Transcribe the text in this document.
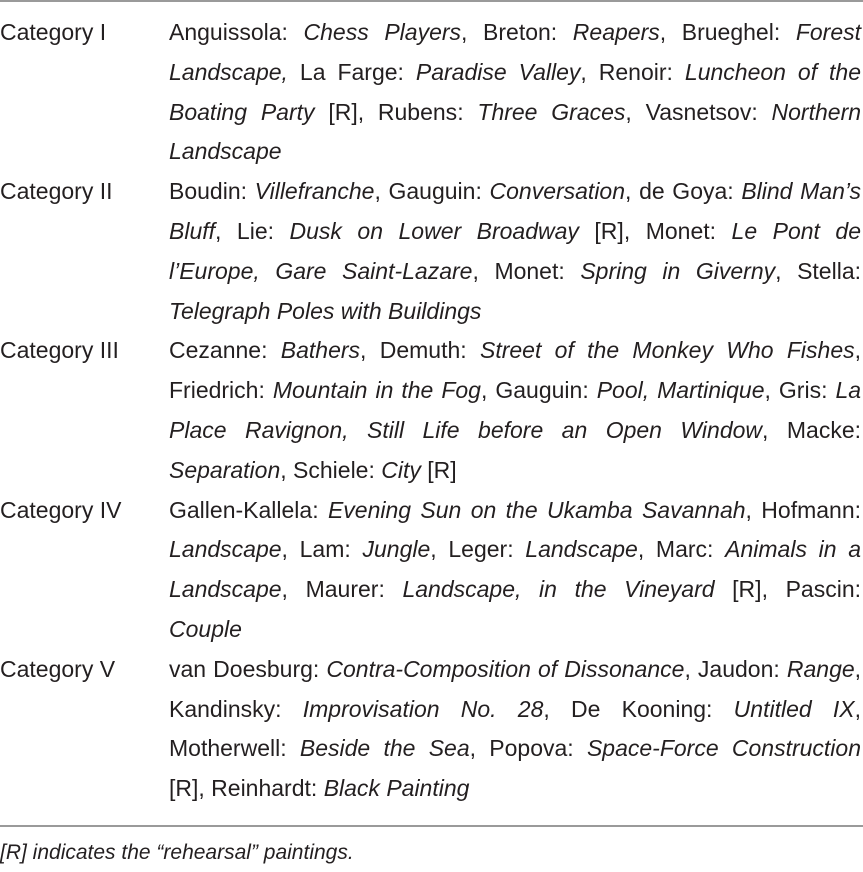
Category I	Anguissola: Chess Players, Breton: Reapers, Brueghel: Forest Landscape, La Farge: Paradise Valley, Renoir: Luncheon of the Boating Party [R], Rubens: Three Graces, Vasnetsov: Northern Landscape
Category II	Boudin: Villefranche, Gauguin: Conversation, de Goya: Blind Man’s Bluff, Lie: Dusk on Lower Broadway [R], Monet: Le Pont de l’Europe, Gare Saint-Lazare, Monet: Spring in Giverny, Stella: Telegraph Poles with Buildings
Category III	Cezanne: Bathers, Demuth: Street of the Monkey Who Fishes, Friedrich: Mountain in the Fog, Gauguin: Pool, Martinique, Gris: La Place Ravignon, Still Life before an Open Window, Macke: Separation, Schiele: City [R]
Category IV	Gallen-Kallela: Evening Sun on the Ukamba Savannah, Hofmann: Landscape, Lam: Jungle, Leger: Landscape, Marc: Animals in a Landscape, Maurer: Landscape, in the Vineyard [R], Pascin: Couple
Category V	van Doesburg: Contra-Composition of Dissonance, Jaudon: Range, Kandinsky: Improvisation No. 28, De Kooning: Untitled IX, Motherwell: Beside the Sea, Popova: Space-Force Construction [R], Reinhardt: Black Painting
[R] indicates the “rehearsal” paintings.
